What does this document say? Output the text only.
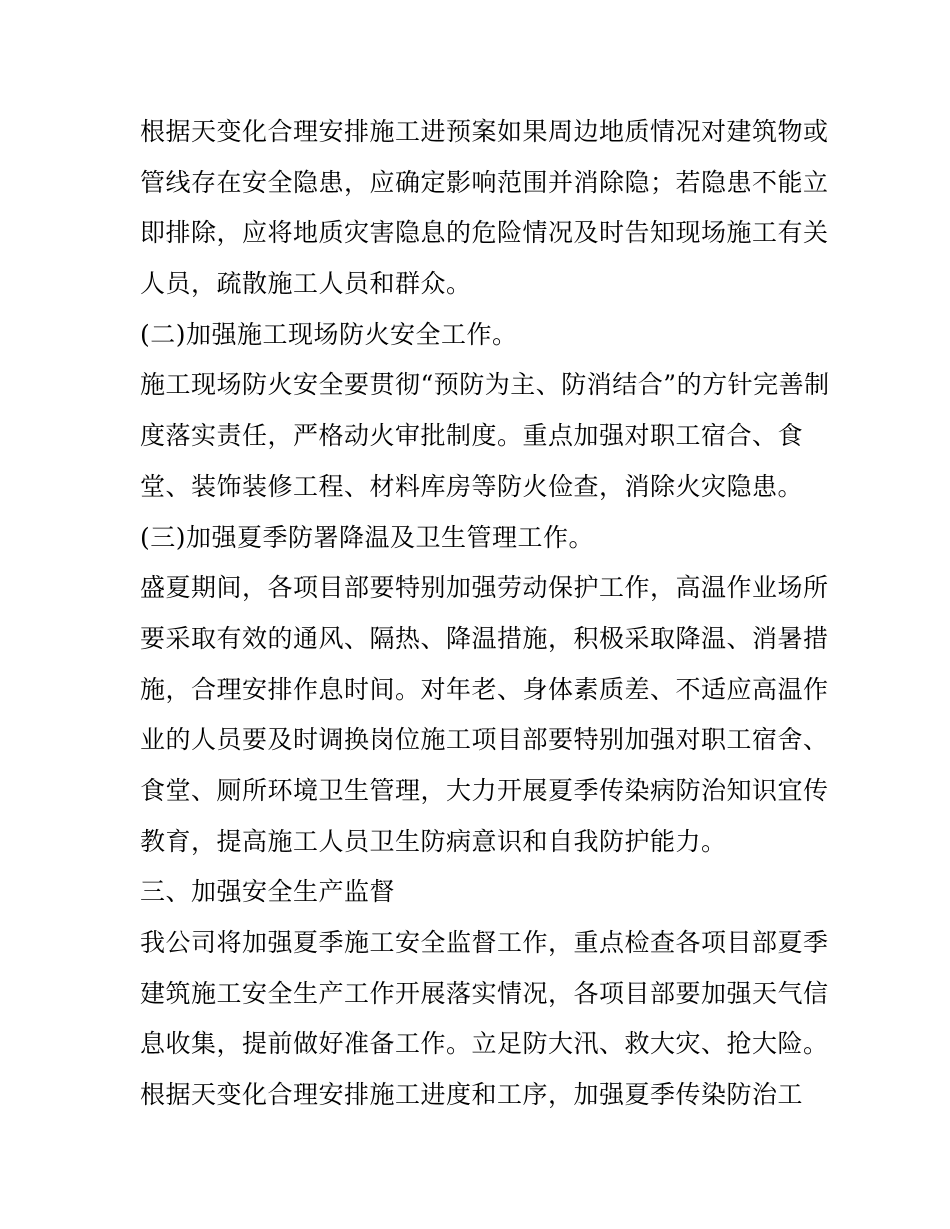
根据天变化合理安排施工进预案如果周边地质情况对建筑物或
管线存在安全隐患，应确定影响范围并消除隐；若隐患不能立
即排除，应将地质灾害隐息的危险情况及时告知现场施工有关
人员，疏散施工人员和群众。
(二)加强施工现场防火安全工作。
施工现场防火安全要贯彻“预防为主、防消结合”的方针完善制
度落实责任，严格动火审批制度。重点加强对职工宿合、食
堂、装饰装修工程、材料库房等防火俭查，消除火灾隐患。
(三)加强夏季防署降温及卫生管理工作。
盛夏期间，各项目部要特别加强劳动保护工作，高温作业场所
要采取有效的通风、隔热、降温措施，积极采取降温、消暑措
施，合理安排作息时间。对年老、身体素质差、不适应高温作
业的人员要及时调换岗位施工项目部要特别加强对职工宿舍、
食堂、厕所环境卫生管理，大力开展夏季传染病防治知识宜传
教育，提高施工人员卫生防病意识和自我防护能力。
三、加强安全生产监督
我公司将加强夏季施工安全监督工作，重点检查各项目部夏季
建筑施工安全生产工作开展落实情况，各项目部要加强天气信
息收集，提前做好准备工作。立足防大汛、救大灾、抢大险。
根据天变化合理安排施工进度和工序，加强夏季传染防治工
